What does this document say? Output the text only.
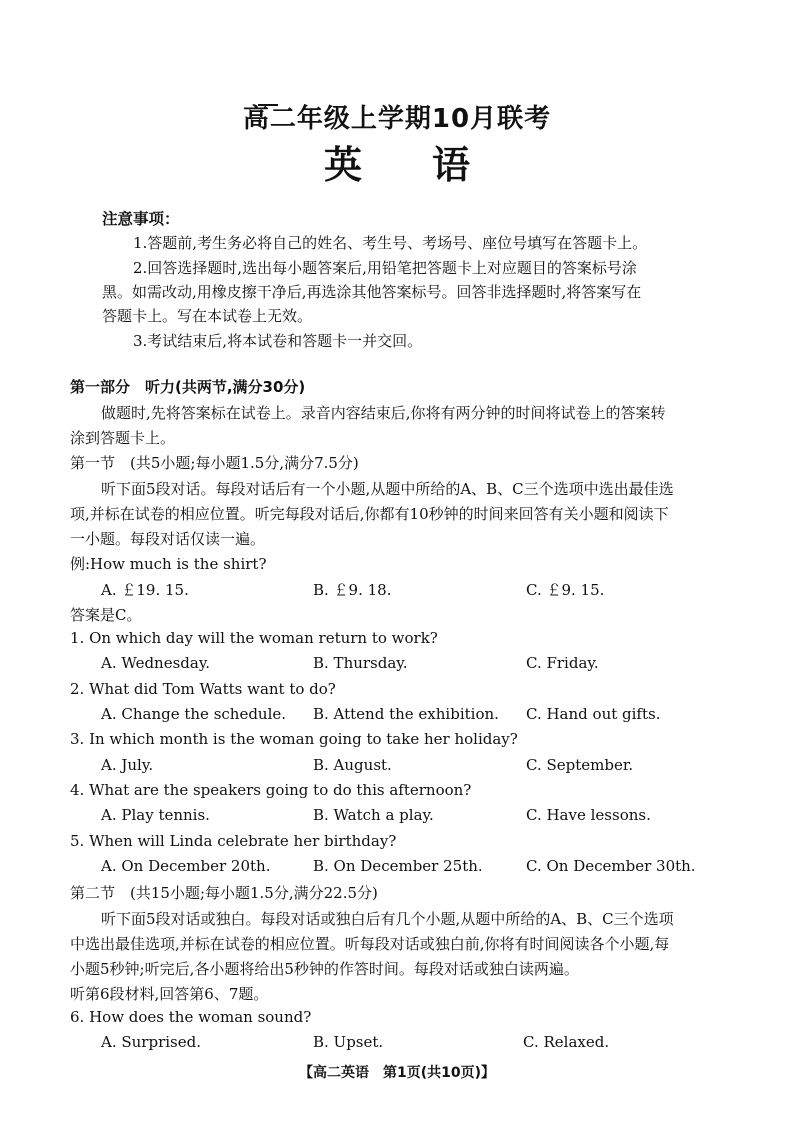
高二年级上学期10月联考
英语
注意事项：
1.答题前,考生务必将自己的姓名、考生号、考场号、座位号填写在答题卡上。
2.回答选择题时,选出每小题答案后,用铅笔把答题卡上对应题目的答案标号涂
黑。如需改动,用橡皮擦干净后,再选涂其他答案标号。回答非选择题时,将答案写在
答题卡上。写在本试卷上无效。
3.考试结束后,将本试卷和答题卡一并交回。
第一部分　听力(共两节,满分30分)
做题时,先将答案标在试卷上。录音内容结束后,你将有两分钟的时间将试卷上的答案转
涂到答题卡上。
第一节　(共5小题;每小题1.5分,满分7.5分)
听下面5段对话。每段对话后有一个小题,从题中所给的A、B、C三个选项中选出最佳选
项,并标在试卷的相应位置。听完每段对话后,你都有10秒钟的时间来回答有关小题和阅读下
一小题。每段对话仅读一遍。
例:How much is the shirt?
A. ￡19. 15.	B. ￡9. 18.	C. ￡9. 15.
答案是C。
1. On which day will the woman return to work?
A. Wednesday.	B. Thursday.	C. Friday.
2. What did Tom Watts want to do?
A. Change the schedule. B. Attend the exhibition. C. Hand out gifts.
3. In which month is the woman going to take her holiday?
A. July.	B. August.	C. September.
4. What are the speakers going to do this afternoon?
A. Play tennis.	B. Watch a play.	C. Have lessons.
5. When will Linda celebrate her birthday?
A. On December 20th.	B. On December 25th.	C. On December 30th.
第二节　(共15小题;每小题1.5分,满分22.5分)
听下面5段对话或独白。每段对话或独白后有几个小题,从题中所给的A、B、C三个选项
中选出最佳选项,并标在试卷的相应位置。听每段对话或独白前,你将有时间阅读各个小题,每
小题5秒钟;听完后,各小题将给出5秒钟的作答时间。每段对话或独白读两遍。
听第6段材料,回答第6、7题。
6. How does the woman sound?
A. Surprised.	B. Upset.	C. Relaxed.
【高二英语　第1页(共10页)】
